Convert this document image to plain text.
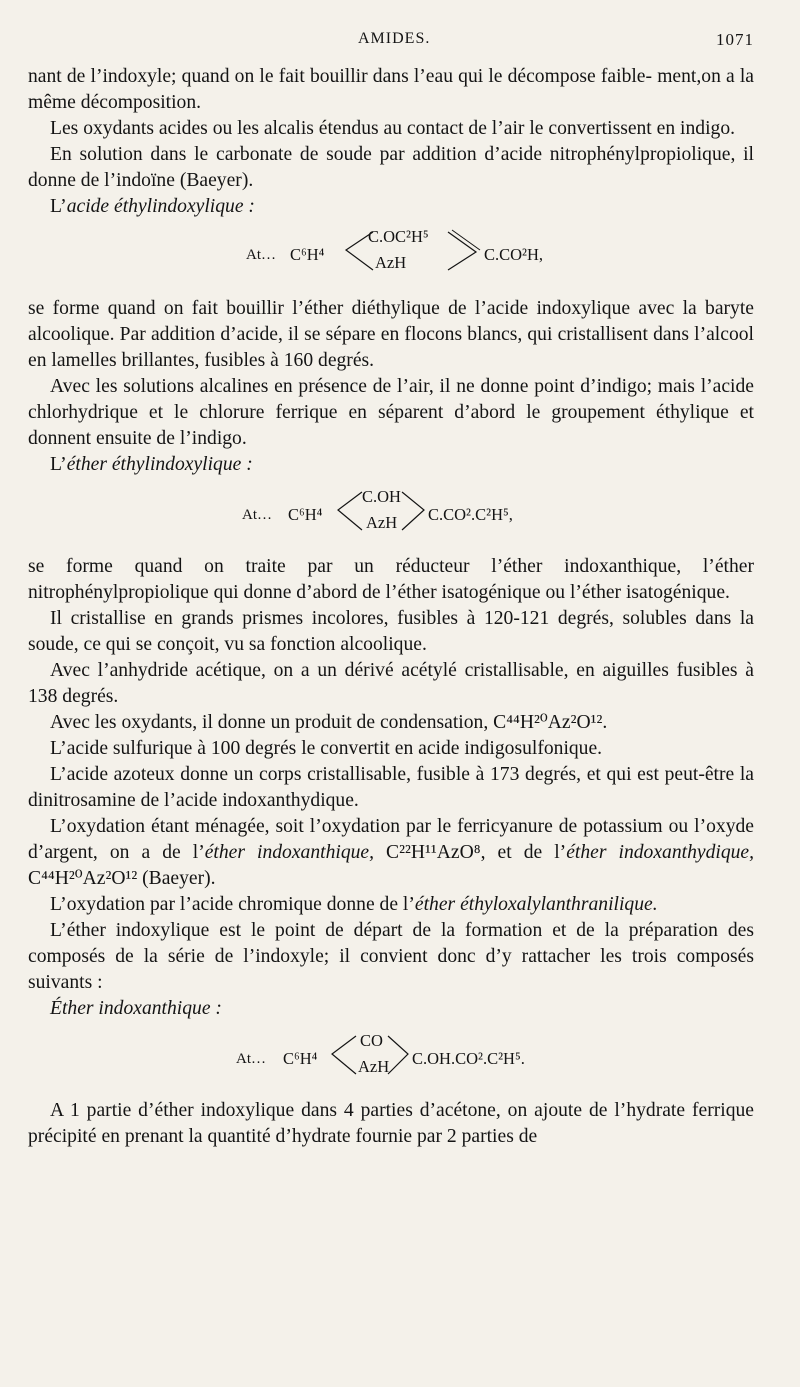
AMIDES.	1071

nant de l’indoxyle; quand on le fait bouillir dans l’eau qui le décompose faible- ment,on a la même décomposition.

Les oxydants acides ou les alcalis étendus au contact de l’air le convertissent en indigo.

En solution dans le carbonate de soude par addition d’acide nitrophénylpropiolique, il donne de l’indoïne (Baeyer).

L’acide éthylindoxylique :

At… C⁶H⁴
C.OC²H⁵
AzH	C.CO²H,

se forme quand on fait bouillir l’éther diéthylique de l’acide indoxylique avec la baryte alcoolique. Par addition d’acide, il se sépare en flocons blancs, qui cristallisent dans l’alcool en lamelles brillantes, fusibles à 160 degrés.

Avec les solutions alcalines en présence de l’air, il ne donne point d’indigo; mais l’acide chlorhydrique et le chlorure ferrique en séparent d’abord le groupement éthylique et donnent ensuite de l’indigo.

L’éther éthylindoxylique :

At… C⁶H⁴
C.OH
AzH C.CO².C²H⁵,

se forme quand on traite par un réducteur l’éther indoxanthique, l’éther nitrophénylpropiolique qui donne d’abord de l’éther isatogénique ou l’éther isatogénique.

Il cristallise en grands prismes incolores, fusibles à 120-121 degrés, solubles dans la soude, ce qui se conçoit, vu sa fonction alcoolique.

Avec l’anhydride acétique, on a un dérivé acétylé cristallisable, en aiguilles fusibles à 138 degrés.

Avec les oxydants, il donne un produit de condensation, C⁴⁴H²⁰Az²O¹².

L’acide sulfurique à 100 degrés le convertit en acide indigosulfonique.

L’acide azoteux donne un corps cristallisable, fusible à 173 degrés, et qui est peut-être la dinitrosamine de l’acide indoxanthydique.

L’oxydation étant ménagée, soit l’oxydation par le ferricyanure de potassium ou l’oxyde d’argent, on a de l’éther indoxanthique, C²²H¹¹AzO⁸, et de l’éther indoxanthydique, C⁴⁴H²⁰Az²O¹² (Baeyer).

L’oxydation par l’acide chromique donne de l’éther éthyloxalylanthranilique.

L’éther indoxylique est le point de départ de la formation et de la préparation des composés de la série de l’indoxyle; il convient donc d’y rattacher les trois composés suivants :

Éther indoxanthique :

At… C⁶H⁴
CO
AzH C.OH.CO².C²H⁵.

A 1 partie d’éther indoxylique dans 4 parties d’acétone, on ajoute de l’hydrate ferrique précipité en prenant la quantité d’hydrate fournie par 2 parties de
